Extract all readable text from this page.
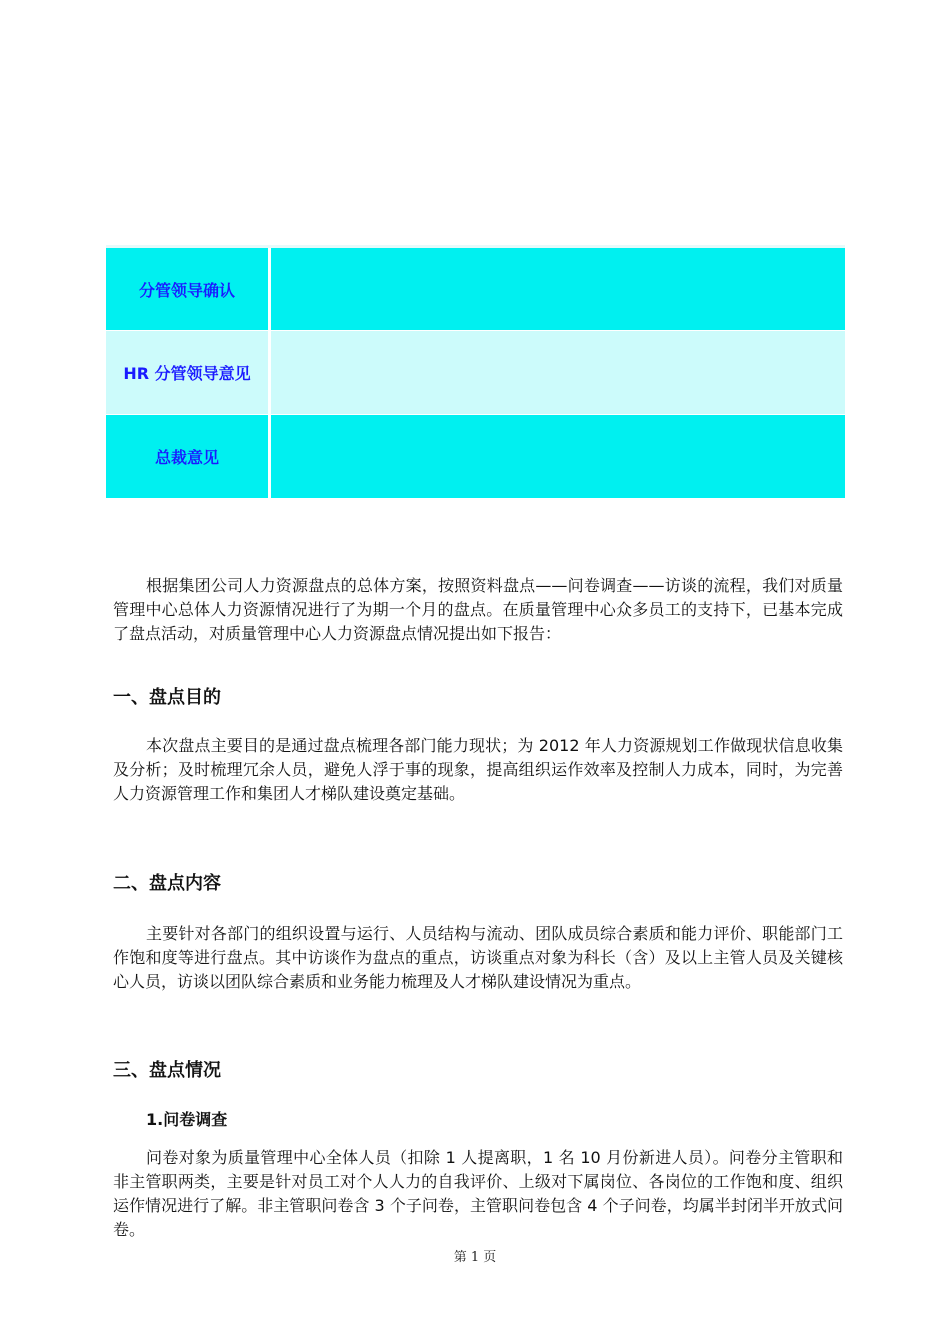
分管领导确认
HR 分管领导意见
总裁意见

根据集团公司人力资源盘点的总体方案，按照资料盘点——问卷调查——访谈的流程，我们对质量管理中心总体人力资源情况进行了为期一个月的盘点。在质量管理中心众多员工的支持下，已基本完成了盘点活动，对质量管理中心人力资源盘点情况提出如下报告：

一、盘点目的

本次盘点主要目的是通过盘点梳理各部门能力现状；为 2012 年人力资源规划工作做现状信息收集及分析；及时梳理冗余人员，避免人浮于事的现象，提高组织运作效率及控制人力成本，同时，为完善人力资源管理工作和集团人才梯队建设奠定基础。

二、盘点内容

主要针对各部门的组织设置与运行、人员结构与流动、团队成员综合素质和能力评价、职能部门工作饱和度等进行盘点。其中访谈作为盘点的重点，访谈重点对象为科长（含）及以上主管人员及关键核心人员，访谈以团队综合素质和业务能力梳理及人才梯队建设情况为重点。

三、盘点情况
1.问卷调查

问卷对象为质量管理中心全体人员（扣除 1 人提离职，1 名 10 月份新进人员）。问卷分主管职和非主管职两类，主要是针对员工对个人人力的自我评价、上级对下属岗位、各岗位的工作饱和度、组织运作情况进行了解。非主管职问卷含 3 个子问卷，主管职问卷包含 4 个子问卷，均属半封闭半开放式问卷。

第 1 页
